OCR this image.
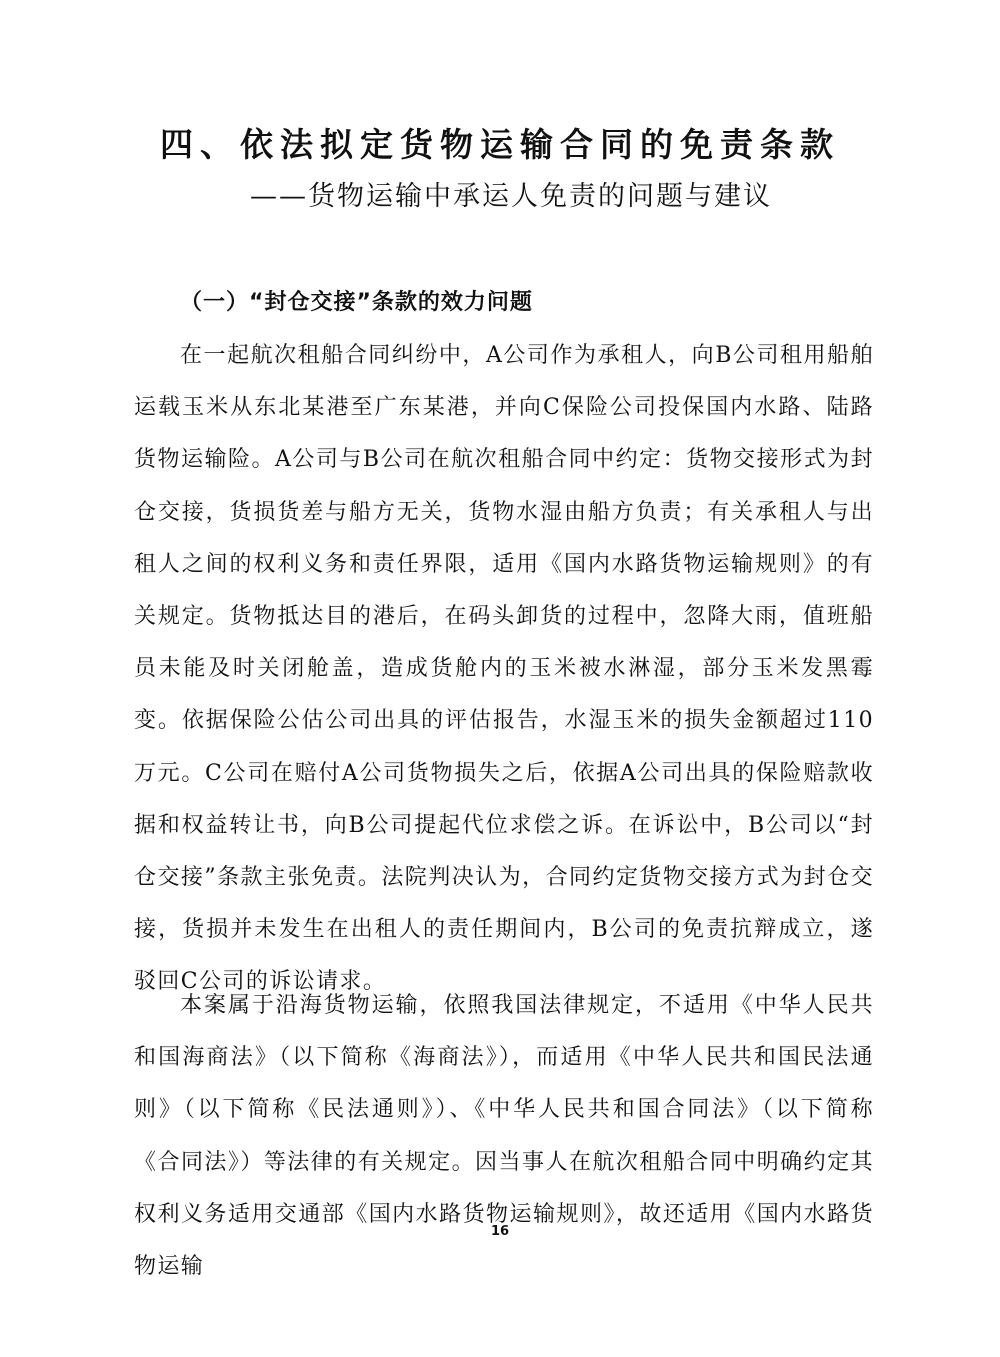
四、依法拟定货物运输合同的免责条款
——货物运输中承运人免责的问题与建议
（一）“封仓交接”条款的效力问题

在一起航次租船合同纠纷中，A公司作为承租人，向B公司租用船舶运载玉米从东北某港至广东某港，并向C保险公司投保国内水路、陆路货物运输险。A公司与B公司在航次租船合同中约定：货物交接形式为封仓交接，货损货差与船方无关，货物水湿由船方负责；有关承租人与出租人之间的权利义务和责任界限，适用《国内水路货物运输规则》的有关规定。货物抵达目的港后，在码头卸货的过程中，忽降大雨，值班船员未能及时关闭舱盖，造成货舱内的玉米被水淋湿，部分玉米发黑霉变。依据保险公估公司出具的评估报告，水湿玉米的损失金额超过110万元。C公司在赔付A公司货物损失之后，依据A公司出具的保险赔款收据和权益转让书，向B公司提起代位求偿之诉。在诉讼中，B公司以“封仓交接”条款主张免责。法院判决认为，合同约定货物交接方式为封仓交接，货损并未发生在出租人的责任期间内，B公司的免责抗辩成立，遂驳回C公司的诉讼请求。

本案属于沿海货物运输，依照我国法律规定，不适用《中华人民共和国海商法》（以下简称《海商法》），而适用《中华人民共和国民法通则》（以下简称《民法通则》）、《中华人民共和国合同法》（以下简称《合同法》）等法律的有关规定。因当事人在航次租船合同中明确约定其权利义务适用交通部《国内水路货物运输规则》，故还适用《国内水路货物运输

16
